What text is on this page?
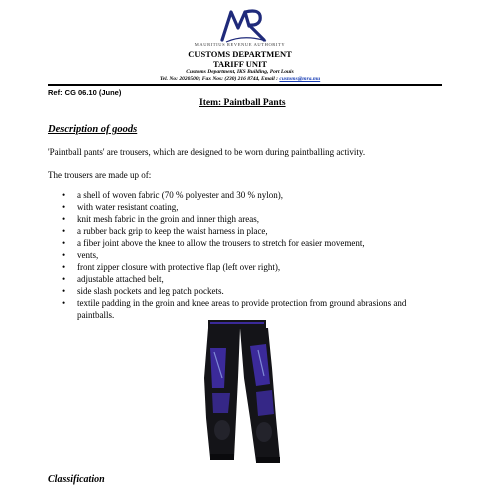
MAURITIUS REVENUE AUTHORITY
CUSTOMS DEPARTMENT
TARIFF UNIT
Customs Department, IKS Building, Port Louis
Tel. No: 2020500; Fax Nos: (230) 216 8744, Email : customs@mra.mu
Ref: CG 06.10 (June)
Item: Paintball Pants
Description of goods
'Paintball pants' are trousers, which are designed to be worn during paintballing activity.
The trousers are made up of:
• a shell of woven fabric (70 % polyester and 30 % nylon),
• with water resistant coating,
• knit mesh fabric in the groin and inner thigh areas,
• a rubber back grip to keep the waist harness in place,
• a fiber joint above the knee to allow the trousers to stretch for easier movement,
• vents,
• front zipper closure with protective flap (left over right),
• adjustable attached belt,
• side slash pockets and leg patch pockets.
• textile padding in the groin and knee areas to provide protection from ground abrasions and paintballs.
Classification
